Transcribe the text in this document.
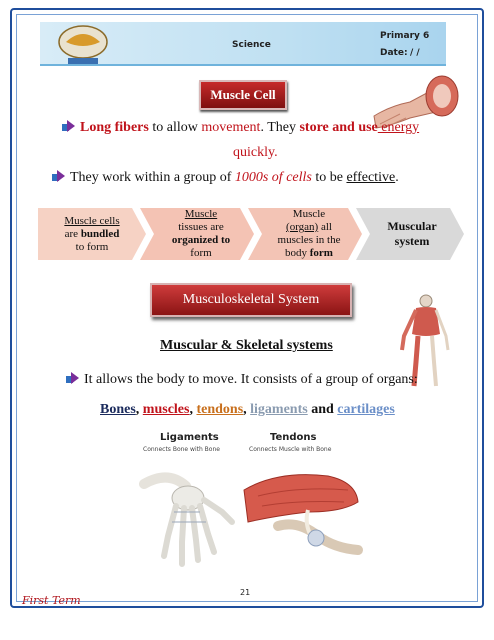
Science
Primary 6
Date: / /
Muscle Cell
Long fibers to allow movement. They store and use energy
quickly.
They work within a group of 1000s of cells to be effective.
Muscle cells
are bundled
to form
Muscle
tissues are
organized to
form
Muscle
(organ) all
muscles in the
body form
Muscular
system
Musculoskeletal System
Muscular & Skeletal systems
It allows the body to move. It consists of a group of organs:
Bones, muscles, tendons, ligaments and cartilages
Ligaments
Connects Bone with Bone
Tendons
Connects Muscle with Bone
21
First Term
